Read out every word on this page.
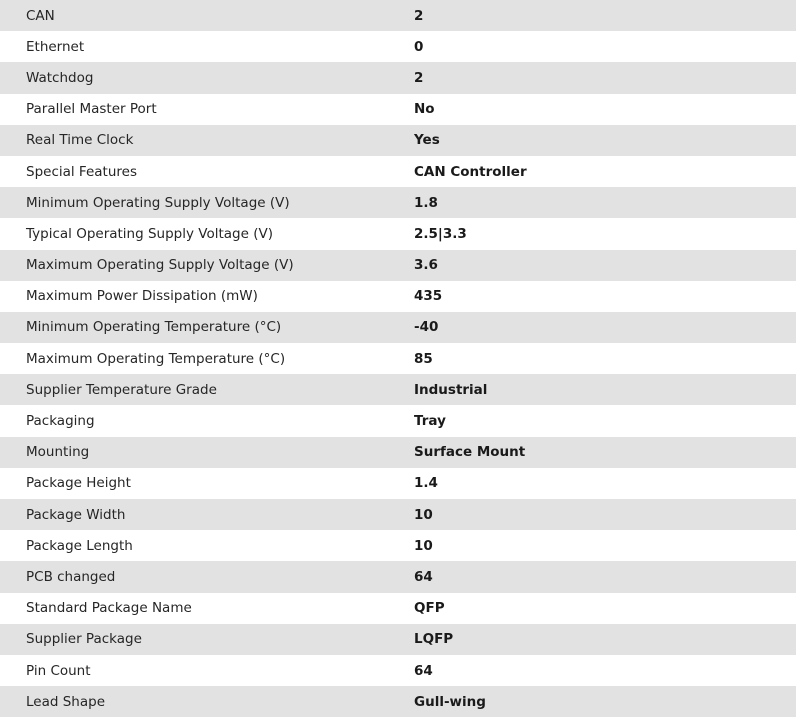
CAN	2
Ethernet	0
Watchdog	2
Parallel Master Port	No
Real Time Clock	Yes
Special Features	CAN Controller
Minimum Operating Supply Voltage (V)	1.8
Typical Operating Supply Voltage (V)	2.5|3.3
Maximum Operating Supply Voltage (V)	3.6
Maximum Power Dissipation (mW)	435
Minimum Operating Temperature (°C)	-40
Maximum Operating Temperature (°C)	85
Supplier Temperature Grade	Industrial
Packaging	Tray
Mounting	Surface Mount
Package Height	1.4
Package Width	10
Package Length	10
PCB changed	64
Standard Package Name	QFP
Supplier Package	LQFP
Pin Count	64
Lead Shape	Gull-wing
